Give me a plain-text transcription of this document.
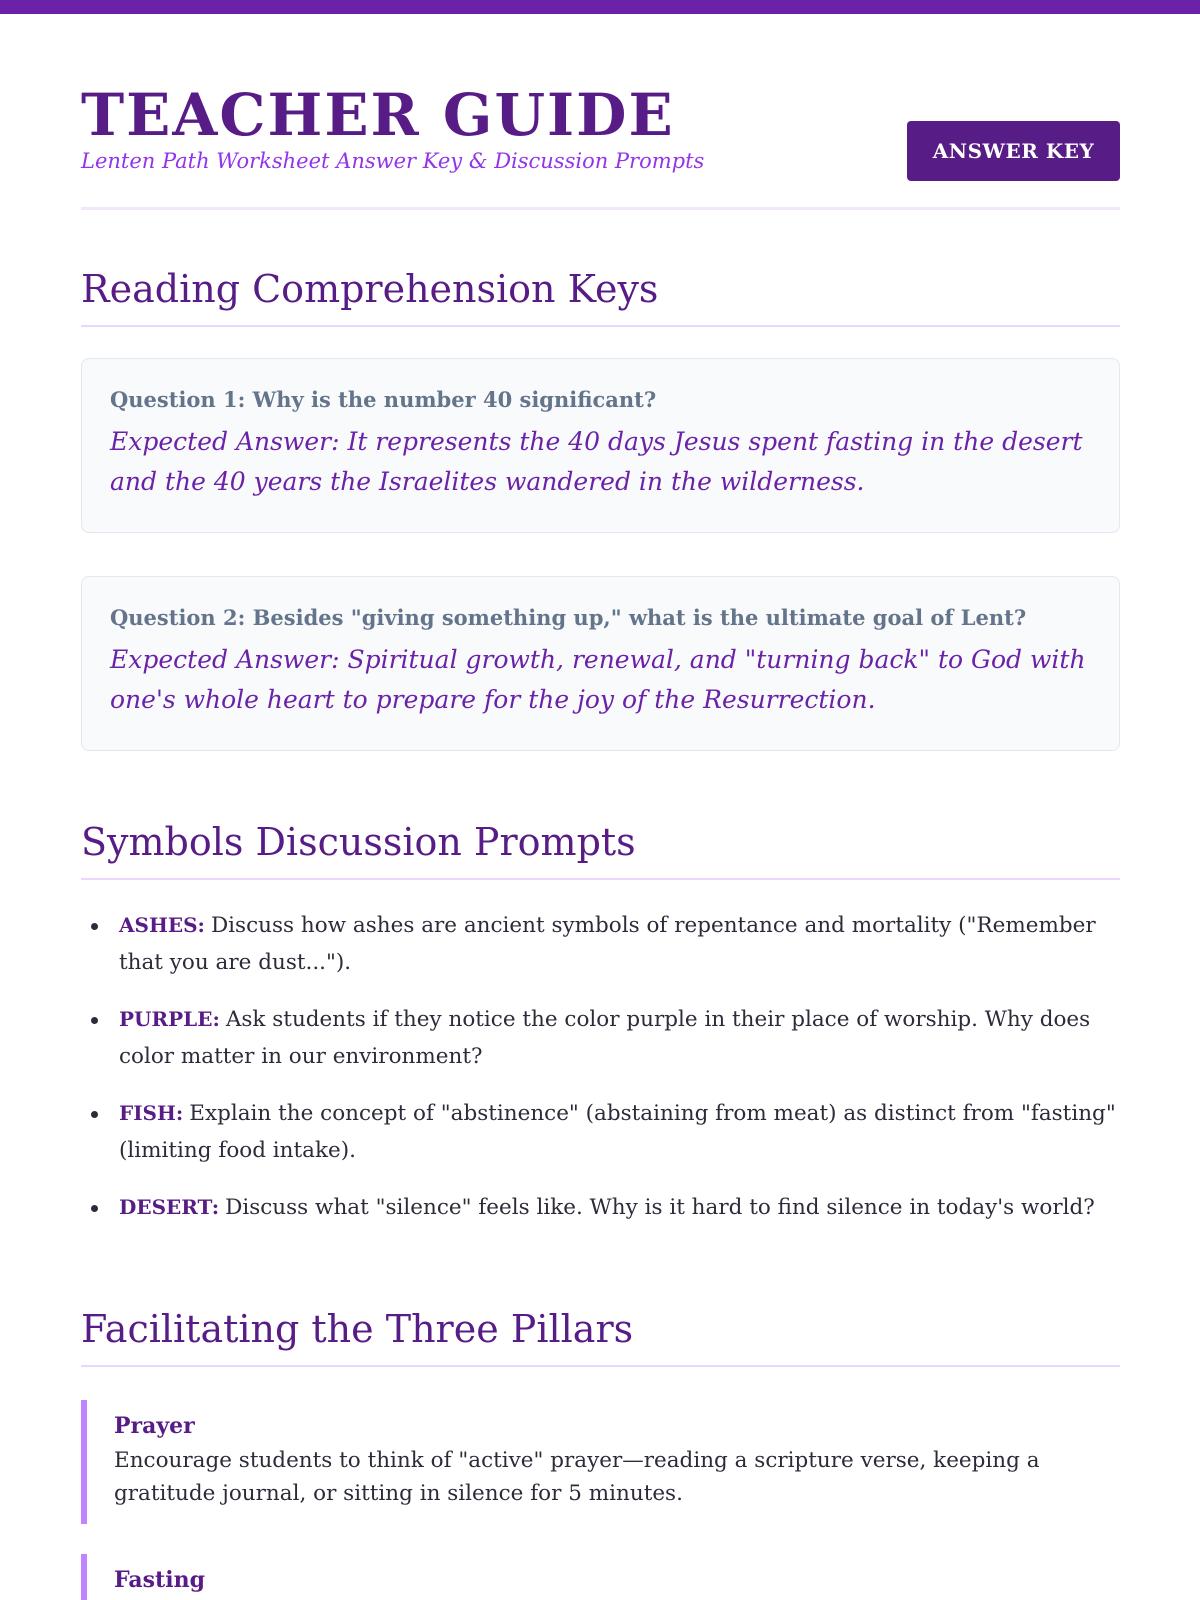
TEACHER GUIDE
Lenten Path Worksheet Answer Key & Discussion Prompts	ANSWER KEY
Reading Comprehension Keys
Question 1: Why is the number 40 significant?
Expected Answer: It represents the 40 days Jesus spent fasting in the desert and the 40 years the Israelites wandered in the wilderness.
Question 2: Besides "giving something up," what is the ultimate goal of Lent?
Expected Answer: Spiritual growth, renewal, and "turning back" to God with one's whole heart to prepare for the joy of the Resurrection.
Symbols Discussion Prompts
ASHES: Discuss how ashes are ancient symbols of repentance and mortality ("Remember that you are dust...").
PURPLE: Ask students if they notice the color purple in their place of worship. Why does color matter in our environment?
FISH: Explain the concept of "abstinence" (abstaining from meat) as distinct from "fasting" (limiting food intake).
DESERT: Discuss what "silence" feels like. Why is it hard to find silence in today's world?
Facilitating the Three Pillars
Prayer
Encourage students to think of "active" prayer—reading a scripture verse, keeping a gratitude journal, or sitting in silence for 5 minutes.
Fasting
